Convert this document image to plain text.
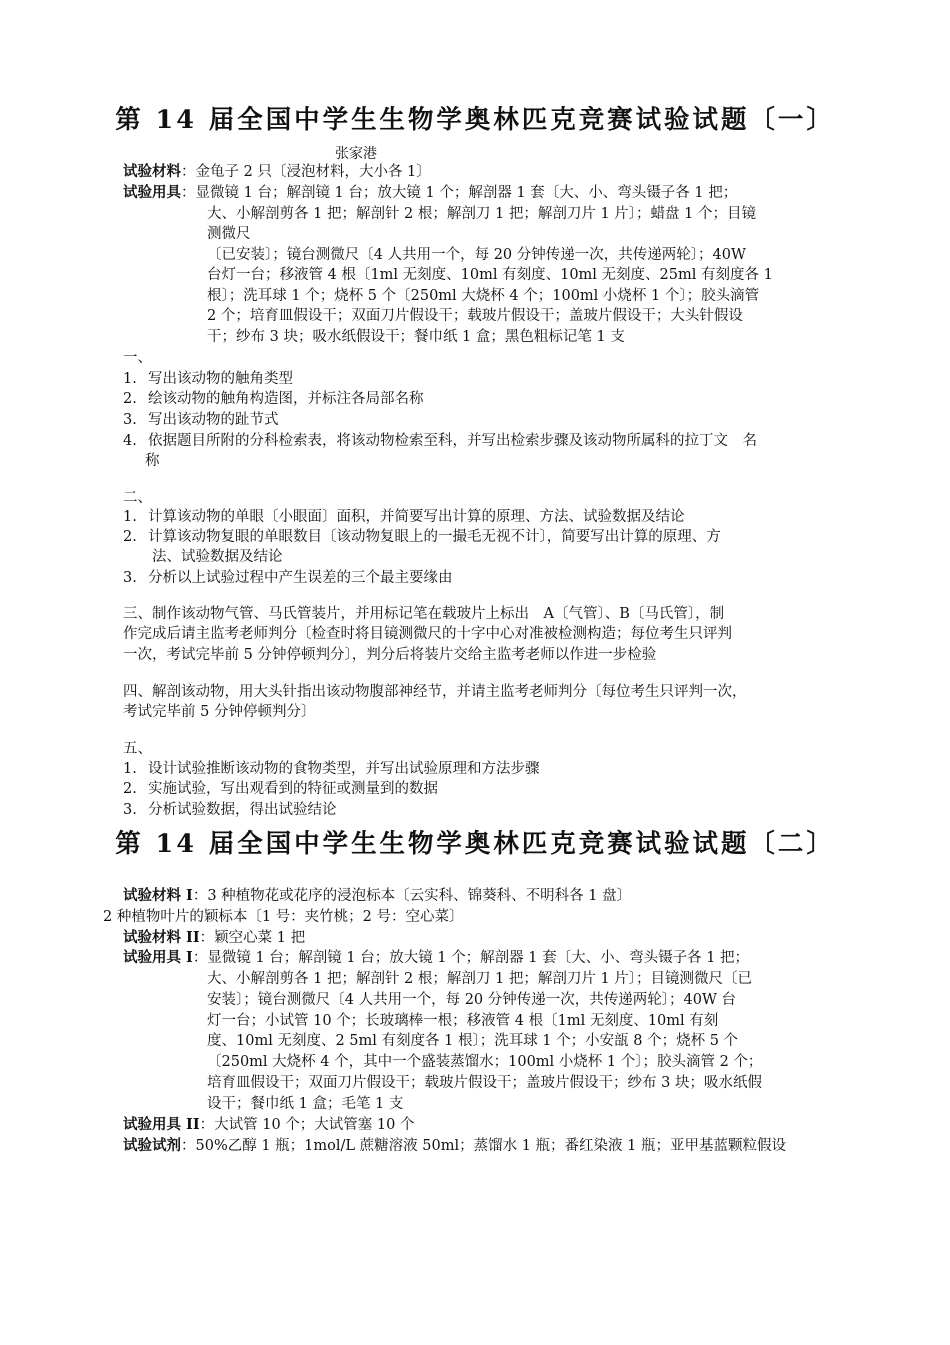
第 14 届全国中学生生物学奥林匹克竞赛试验试题〔一〕
张家港
试验材料：金龟子 2 只〔浸泡材料，大小各 1〕
试验用具：显微镜 1 台；解剖镜 1 台；放大镜 1 个；解剖器 1 套〔大、小、弯头镊子各 1 把；
大、小解剖剪各 1 把；解剖针 2 根；解剖刀 1 把；解剖刀片 1 片〕；蜡盘 1 个；目镜
测微尺
〔已安装〕；镜台测微尺〔4 人共用一个，每 20 分钟传递一次，共传递两轮〕；40W
台灯一台；移液管 4 根〔1ml 无刻度、10ml 有刻度、10ml 无刻度、25ml 有刻度各 1
根〕；洗耳球 1 个；烧杯 5 个〔250ml 大烧杯 4 个；100ml 小烧杯 1 个〕；胶头滴管
2 个；培育皿假设干；双面刀片假设干；载玻片假设干；盖玻片假设干；大头针假设
干；纱布 3 块；吸水纸假设干；餐巾纸 1 盒；黑色粗标记笔 1 支
一、
1. 写出该动物的触角类型
2. 绘该动物的触角构造图，并标注各局部名称
3. 写出该动物的趾节式
4. 依据题目所附的分科检索表，将该动物检索至科，并写出检索步骤及该动物所属科的拉丁文　名
称
二、
1. 计算该动物的单眼〔小眼面〕面积，并简要写出计算的原理、方法、试验数据及结论
2. 计算该动物复眼的单眼数目〔该动物复眼上的一撮毛无视不计〕，简要写出计算的原理、方
法、试验数据及结论
3. 分析以上试验过程中产生误差的三个最主要缘由
三、制作该动物气管、马氏管装片，并用标记笔在载玻片上标出　A〔气管〕、B〔马氏管〕，制
作完成后请主监考老师判分〔检查时将目镜测微尺的十字中心对准被检测构造；每位考生只评判
一次，考试完毕前 5 分钟停顿判分〕，判分后将装片交给主监考老师以作进一步检验
四、解剖该动物，用大头针指出该动物腹部神经节，并请主监考老师判分〔每位考生只评判一次，
考试完毕前 5 分钟停顿判分〕
五、
1. 设计试验推断该动物的食物类型，并写出试验原理和方法步骤
2. 实施试验，写出观看到的特征或测量到的数据
3. 分析试验数据，得出试验结论
第 14 届全国中学生生物学奥林匹克竞赛试验试题〔二〕
试验材料 I：3 种植物花或花序的浸泡标本〔云实科、锦葵科、不明科各 1 盘〕
2 种植物叶片的颖标本〔1 号：夹竹桃；2 号：空心菜〕
试验材料 II：颖空心菜 1 把
试验用具 I：显微镜 1 台；解剖镜 1 台；放大镜 1 个；解剖器 1 套〔大、小、弯头镊子各 1 把；
大、小解剖剪各 1 把；解剖针 2 根；解剖刀 1 把；解剖刀片 1 片〕；目镜测微尺〔已
安装〕；镜台测微尺〔4 人共用一个，每 20 分钟传递一次，共传递两轮〕；40W 台
灯一台；小试管 10 个；长玻璃棒一根；移液管 4 根〔1ml 无刻度、10ml 有刻
度、10ml 无刻度、2 5ml 有刻度各 1 根〕；洗耳球 1 个；小安瓿 8 个；烧杯 5 个
〔250ml 大烧杯 4 个，其中一个盛装蒸馏水；100ml 小烧杯 1 个〕；胶头滴管 2 个；
培育皿假设干；双面刀片假设干；载玻片假设干；盖玻片假设干；纱布 3 块；吸水纸假
设干；餐巾纸 1 盒；毛笔 1 支
试验用具 II：大试管 10 个；大试管塞 10 个
试验试剂：50%乙醇 1 瓶；1mol/L 蔗糖溶液 50ml；蒸馏水 1 瓶；番红染液 1 瓶；亚甲基蓝颗粒假设
